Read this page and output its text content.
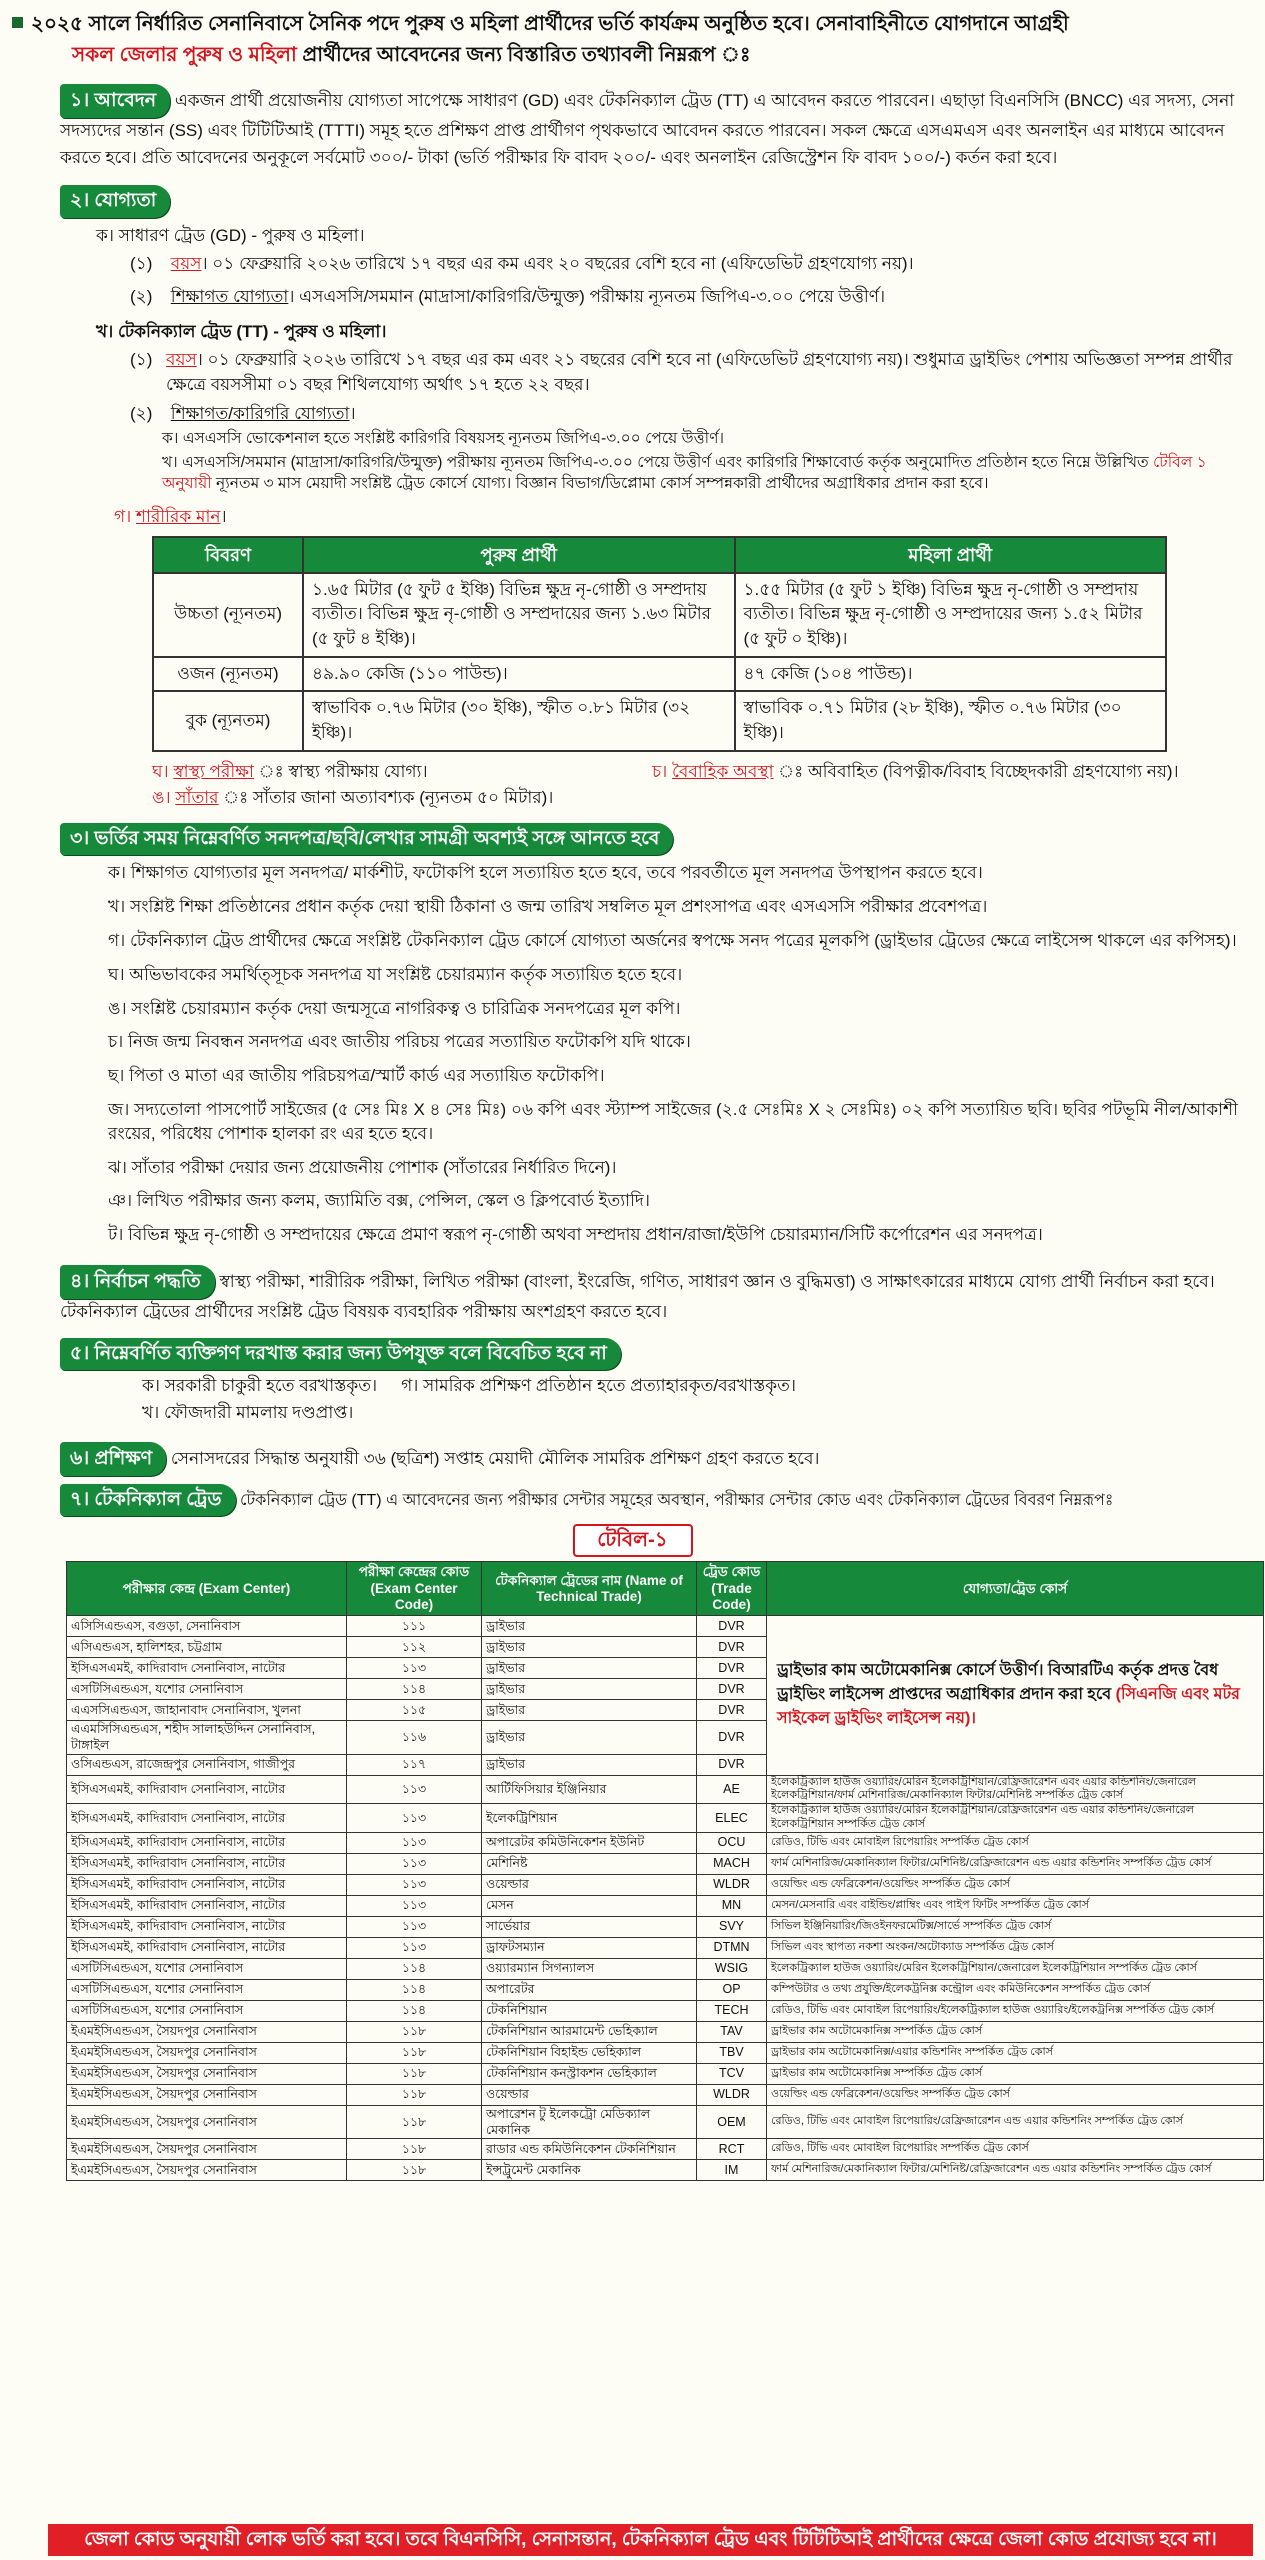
২০২৫ সালে নির্ধারিত সেনানিবাসে সৈনিক পদে পুরুষ ও মহিলা প্রার্থীদের ভর্তি কার্যক্রম অনুষ্ঠিত হবে। সেনাবাহিনীতে যোগদানে আগ্রহী
সকল জেলার পুরুষ ও মহিলা প্রার্থীদের আবেদনের জন্য বিস্তারিত তথ্যাবলী নিম্নরূপ ঃ
১। আবেদন একজন প্রার্থী প্রয়োজনীয় যোগ্যতা সাপেক্ষে সাধারণ (GD) এবং টেকনিক্যাল ট্রেড (TT) এ আবেদন করতে পারবেন। এছাড়া বিএনসিসি (BNCC) এর সদস্য, সেনা সদস্যদের সন্তান (SS) এবং টিটিটিআই (TTTI) সমূহ হতে প্রশিক্ষণ প্রাপ্ত প্রার্থীগণ পৃথকভাবে আবেদন করতে পারবেন। সকল ক্ষেত্রে এসএমএস এবং অনলাইন এর মাধ্যমে আবেদন করতে হবে। প্রতি আবেদনের অনুকূলে সর্বমোট ৩০০/- টাকা (ভর্তি পরীক্ষার ফি বাবদ ২০০/- এবং অনলাইন রেজিস্ট্রেশন ফি বাবদ ১০০/-) কর্তন করা হবে।
২। যোগ্যতা
ক। সাধারণ ট্রেড (GD) - পুরুষ ও মহিলা।
(১) বয়স। ০১ ফেব্রুয়ারি ২০২৬ তারিখে ১৭ বছর এর কম এবং ২০ বছরের বেশি হবে না (এফিডেভিট গ্রহণযোগ্য নয়)।
(২) শিক্ষাগত যোগ্যতা। এসএসসি/সমমান (মাদ্রাসা/কারিগরি/উন্মুক্ত) পরীক্ষায় ন্যূনতম জিপিএ-৩.০০ পেয়ে উত্তীর্ণ।
খ। টেকনিক্যাল ট্রেড (TT) - পুরুষ ও মহিলা।
(১) বয়স। ০১ ফেব্রুয়ারি ২০২৬ তারিখে ১৭ বছর এর কম এবং ২১ বছরের বেশি হবে না (এফিডেভিট গ্রহণযোগ্য নয়)। শুধুমাত্র ড্রাইভিং পেশায় অভিজ্ঞতা সম্পন্ন প্রার্থীর ক্ষেত্রে বয়সসীমা ০১ বছর শিথিলযোগ্য অর্থাৎ ১৭ হতে ২২ বছর।
(২) শিক্ষাগত/কারিগরি যোগ্যতা।
ক। এসএসসি ভোকেশনাল হতে সংশ্লিষ্ট কারিগরি বিষয়সহ ন্যূনতম জিপিএ-৩.০০ পেয়ে উত্তীর্ণ।
খ। এসএসসি/সমমান (মাদ্রাসা/কারিগরি/উন্মুক্ত) পরীক্ষায় ন্যূনতম জিপিএ-৩.০০ পেয়ে উত্তীর্ণ এবং কারিগরি শিক্ষাবোর্ড কর্তৃক অনুমোদিত প্রতিষ্ঠান হতে নিম্নে উল্লিখিত টেবিল ১ অনুযায়ী ন্যূনতম ৩ মাস মেয়াদী সংশ্লিষ্ট ট্রেড কোর্সে যোগ্য। বিজ্ঞান বিভাগ/ডিপ্লোমা কোর্স সম্পন্নকারী প্রার্থীদের অগ্রাধিকার প্রদান করা হবে।
গ। শারীরিক মান।
বিবরণ	পুরুষ প্রার্থী	মহিলা প্রার্থী
উচ্চতা (ন্যূনতম)	১.৬৫ মিটার (৫ ফুট ৫ ইঞ্চি) বিভিন্ন ক্ষুদ্র নৃ-গোষ্ঠী ও সম্প্রদায় ব্যতীত। বিভিন্ন ক্ষুদ্র নৃ-গোষ্ঠী ও সম্প্রদায়ের জন্য ১.৬৩ মিটার (৫ ফুট ৪ ইঞ্চি)।	১.৫৫ মিটার (৫ ফুট ১ ইঞ্চি) বিভিন্ন ক্ষুদ্র নৃ-গোষ্ঠী ও সম্প্রদায় ব্যতীত। বিভিন্ন ক্ষুদ্র নৃ-গোষ্ঠী ও সম্প্রদায়ের জন্য ১.৫২ মিটার (৫ ফুট ০ ইঞ্চি)।
ওজন (ন্যূনতম)	৪৯.৯০ কেজি (১১০ পাউন্ড)।	৪৭ কেজি (১০৪ পাউন্ড)।
বুক (ন্যূনতম)	স্বাভাবিক ০.৭৬ মিটার (৩০ ইঞ্চি), স্ফীত ০.৮১ মিটার (৩২ ইঞ্চি)।	স্বাভাবিক ০.৭১ মিটার (২৮ ইঞ্চি), স্ফীত ০.৭৬ মিটার (৩০ ইঞ্চি)।
ঘ। স্বাস্থ্য পরীক্ষা ঃ স্বাস্থ্য পরীক্ষায় যোগ্য।	চ। বৈবাহিক অবস্থা ঃ অবিবাহিত (বিপত্নীক/বিবাহ বিচ্ছেদকারী গ্রহণযোগ্য নয়)।
ঙ। সাঁতার ঃ সাঁতার জানা অত্যাবশ্যক (ন্যূনতম ৫০ মিটার)।
৩। ভর্তির সময় নিম্নেবর্ণিত সনদপত্র/ছবি/লেখার সামগ্রী অবশ্যই সঙ্গে আনতে হবে
ক। শিক্ষাগত যোগ্যতার মূল সনদপত্র/ মার্কশীট, ফটোকপি হলে সত্যায়িত হতে হবে, তবে পরবর্তীতে মূল সনদপত্র উপস্থাপন করতে হবে।
খ। সংশ্লিষ্ট শিক্ষা প্রতিষ্ঠানের প্রধান কর্তৃক দেয়া স্থায়ী ঠিকানা ও জন্ম তারিখ সম্বলিত মূল প্রশংসাপত্র এবং এসএসসি পরীক্ষার প্রবেশপত্র।
গ। টেকনিক্যাল ট্রেড প্রার্থীদের ক্ষেত্রে সংশ্লিষ্ট টেকনিক্যাল ট্রেড কোর্সে যোগ্যতা অর্জনের স্বপক্ষে সনদ পত্রের মূলকপি (ড্রাইভার ট্রেডের ক্ষেত্রে লাইসেন্স থাকলে এর কপিসহ)।
ঘ। অভিভাবকের সমর্থিত্সূচক সনদপত্র যা সংশ্লিষ্ট চেয়ারম্যান কর্তৃক সত্যায়িত হতে হবে।
ঙ। সংশ্লিষ্ট চেয়ারম্যান কর্তৃক দেয়া জন্মসূত্রে নাগরিকত্ব ও চারিত্রিক সনদপত্রের মূল কপি।
চ। নিজ জন্ম নিবন্ধন সনদপত্র এবং জাতীয় পরিচয় পত্রের সত্যায়িত ফটোকপি যদি থাকে।
ছ। পিতা ও মাতা এর জাতীয় পরিচয়পত্র/স্মার্ট কার্ড এর সত্যায়িত ফটোকপি।
জ। সদ্যতোলা পাসপোর্ট সাইজের (৫ সেঃ মিঃ X ৪ সেঃ মিঃ) ০৬ কপি এবং স্ট্যাম্প সাইজের (২.৫ সেঃমিঃ X ২ সেঃমিঃ) ০২ কপি সত্যায়িত ছবি। ছবির পটভূমি নীল/আকাশী রংয়ের, পরিধেয় পোশাক হালকা রং এর হতে হবে।
ঝ। সাঁতার পরীক্ষা দেয়ার জন্য প্রয়োজনীয় পোশাক (সাঁতারের নির্ধারিত দিনে)।
ঞ। লিখিত পরীক্ষার জন্য কলম, জ্যামিতি বক্স, পেন্সিল, স্কেল ও ক্লিপবোর্ড ইত্যাদি।
ট। বিভিন্ন ক্ষুদ্র নৃ-গোষ্ঠী ও সম্প্রদায়ের ক্ষেত্রে প্রমাণ স্বরূপ নৃ-গোষ্ঠী অথবা সম্প্রদায় প্রধান/রাজা/ইউপি চেয়ারম্যান/সিটি কর্পোরেশন এর সনদপত্র।
৪। নির্বাচন পদ্ধতি স্বাস্থ্য পরীক্ষা, শারীরিক পরীক্ষা, লিখিত পরীক্ষা (বাংলা, ইংরেজি, গণিত, সাধারণ জ্ঞান ও বুদ্ধিমত্তা) ও সাক্ষাৎকারের মাধ্যমে যোগ্য প্রার্থী নির্বাচন করা হবে। টেকনিক্যাল ট্রেডের প্রার্থীদের সংশ্লিষ্ট ট্রেড বিষয়ক ব্যবহারিক পরীক্ষায় অংশগ্রহণ করতে হবে।
৫। নিম্নেবর্ণিত ব্যক্তিগণ দরখাস্ত করার জন্য উপযুক্ত বলে বিবেচিত হবে না
ক। সরকারী চাকুরী হতে বরখাস্তকৃত। গ। সামরিক প্রশিক্ষণ প্রতিষ্ঠান হতে প্রত্যাহারকৃত/বরখাস্তকৃত।
খ। ফৌজদারী মামলায় দণ্ডপ্রাপ্ত।
৬। প্রশিক্ষণ সেনাসদরের সিদ্ধান্ত অনুযায়ী ৩৬ (ছত্রিশ) সপ্তাহ মেয়াদী মৌলিক সামরিক প্রশিক্ষণ গ্রহণ করতে হবে।
৭। টেকনিক্যাল ট্রেড টেকনিক্যাল ট্রেড (TT) এ আবেদনের জন্য পরীক্ষার সেন্টার সমূহের অবস্থান, পরীক্ষার সেন্টার কোড এবং টেকনিক্যাল ট্রেডের বিবরণ নিম্নরূপঃ
টেবিল-১
পরীক্ষার কেন্দ্র (Exam Center)	পরীক্ষা কেন্দ্রের কোড (Exam Center Code)	টেকনিক্যাল ট্রেডের নাম (Name of Technical Trade)	ট্রেড কোড (Trade Code)	যোগ্যতা/ট্রেড কোর্স
এসিসিএন্ডএস, বগুড়া, সেনানিবাস	১১১	ড্রাইভার	DVR	ড্রাইভার কাম অটোমেকানিক্স কোর্সে উত্তীর্ণ। বিআরটিএ কর্তৃক প্রদত্ত বৈধ ড্রাইভিং লাইসেন্স প্রাপ্তদের অগ্রাধিকার প্রদান করা হবে (সিএনজি এবং মটর সাইকেল ড্রাইভিং লাইসেন্স নয়)।
এসিএন্ডএস, হালিশহর, চট্টগ্রাম	১১২	ড্রাইভার	DVR	
ইসিএসএমই, কাদিরাবাদ সেনানিবাস, নাটোর	১১৩	ড্রাইভার	DVR	
এসটিসিএন্ডএস, যশোর সেনানিবাস	১১৪	ড্রাইভার	DVR	
এএসসিএন্ডএস, জাহানাবাদ সেনানিবাস, খুলনা	১১৫	ড্রাইভার	DVR	
এএমসিসিএন্ডএস, শহীদ সালাহউদ্দিন সেনানিবাস, টাঙ্গাইল	১১৬	ড্রাইভার	DVR	
ওসিএন্ডএস, রাজেন্দ্রপুর সেনানিবাস, গাজীপুর	১১৭	ড্রাইভার	DVR	
ইসিএসএমই, কাদিরাবাদ সেনানিবাস, নাটোর	১১৩	আর্টিফিসিয়ার ইঞ্জিনিয়ার	AE	ইলেকট্রিক্যাল হাউজ ওয়্যারিং/মেরিন ইলেকট্রিশিয়ান/রেফ্রিজারেশন এবং এয়ার কন্ডিশনিং/জেনারেল ইলেকট্রিশিয়ান/ফার্ম মেশিনারিজ/মেকানিক্যাল ফিটার/মেশিনিষ্ট সম্পর্কিত ট্রেড কোর্স
ইসিএসএমই, কাদিরাবাদ সেনানিবাস, নাটোর	১১৩	ইলেকট্রিশিয়ান	ELEC	ইলেকট্রিক্যাল হাউজ ওয়্যারিং/মেরিন ইলেকট্রিশিয়ান/রেফ্রিজারেশন এন্ড এয়ার কন্ডিশনিং/জেনারেল ইলেকট্রিশিয়ান সম্পর্কিত ট্রেড কোর্স
ইসিএসএমই, কাদিরাবাদ সেনানিবাস, নাটোর	১১৩	অপারেটর কমিউনিকেশন ইউনিট	OCU	রেডিও, টিভি এবং মোবাইল রিপেয়ারিং সম্পর্কিত ট্রেড কোর্স
ইসিএসএমই, কাদিরাবাদ সেনানিবাস, নাটোর	১১৩	মেশিনিষ্ট	MACH	ফার্ম মেশিনারিজ/মেকানিক্যাল ফিটার/মেশিনিষ্ট/রেফ্রিজারেশন এন্ড এয়ার কন্ডিশনিং সম্পর্কিত ট্রেড কোর্স
ইসিএসএমই, কাদিরাবাদ সেনানিবাস, নাটোর	১১৩	ওয়েল্ডার	WLDR	ওয়েল্ডিং এন্ড ফেব্রিকেশন/ওয়েল্ডিং সম্পর্কিত ট্রেড কোর্স
ইসিএসএমই, কাদিরাবাদ সেনানিবাস, নাটোর	১১৩	মেসন	MN	মেসন/মেসনারি এবং বাইন্ডিং/প্লাম্বিং এবং পাইপ ফিটিং সম্পর্কিত ট্রেড কোর্স
ইসিএসএমই, কাদিরাবাদ সেনানিবাস, নাটোর	১১৩	সার্ভেয়ার	SVY	সিভিল ইঞ্জিনিয়ারিং/জিওইনফরমেটিক্স/সার্ভে সম্পর্কিত ট্রেড কোর্স
ইসিএসএমই, কাদিরাবাদ সেনানিবাস, নাটোর	১১৩	ড্রাফটসম্যান	DTMN	সিভিল এবং স্থাপত্য নকশা অংকন/অটোক্যাড সম্পর্কিত ট্রেড কোর্স
এসটিসিএন্ডএস, যশোর সেনানিবাস	১১৪	ওয়্যারম্যান সিগন্যালস	WSIG	ইলেকট্রিক্যাল হাউজ ওয়্যারিং/মেরিন ইলেকট্রিশিয়ান/জেনারেল ইলেকট্রিশিয়ান সম্পর্কিত ট্রেড কোর্স
এসটিসিএন্ডএস, যশোর সেনানিবাস	১১৪	অপারেটর	OP	কম্পিউটার ও তথ্য প্রযুক্তি/ইলেকট্রনিক্স কন্ট্রোল এবং কমিউনিকেশন সম্পর্কিত ট্রেড কোর্স
এসটিসিএন্ডএস, যশোর সেনানিবাস	১১৪	টেকনিশিয়ান	TECH	রেডিও, টিভি এবং মোবাইল রিপেয়ারিং/ইলেকট্রিক্যাল হাউজ ওয়্যারিং/ইলেকট্রনিক্স সম্পর্কিত ট্রেড কোর্স
ইএমইসিএন্ডএস, সৈয়দপুর সেনানিবাস	১১৮	টেকনিশিয়ান আরমামেন্ট ভেহিক্যাল	TAV	ড্রাইভার কাম অটোমেকানিক্স সম্পর্কিত ট্রেড কোর্স
ইএমইসিএন্ডএস, সৈয়দপুর সেনানিবাস	১১৮	টেকনিশিয়ান বিহাইন্ড ভেহিক্যাল	TBV	ড্রাইভার কাম অটোমেকানিক্স/এয়ার কন্ডিশনিং সম্পর্কিত ট্রেড কোর্স
ইএমইসিএন্ডএস, সৈয়দপুর সেনানিবাস	১১৮	টেকনিশিয়ান কনস্ট্রাকশন ভেহিক্যাল	TCV	ড্রাইভার কাম অটোমেকানিক্স সম্পর্কিত ট্রেড কোর্স
ইএমইসিএন্ডএস, সৈয়দপুর সেনানিবাস	১১৮	ওয়েল্ডার	WLDR	ওয়েল্ডিং এন্ড ফেব্রিকেশন/ওয়েল্ডিং সম্পর্কিত ট্রেড কোর্স
ইএমইসিএন্ডএস, সৈয়দপুর সেনানিবাস	১১৮	অপারেশন টু ইলেকট্রো মেডিক্যাল মেকানিক	OEM	রেডিও, টিভি এবং মোবাইল রিপেয়ারিং/রেফ্রিজারেশন এন্ড এয়ার কন্ডিশনিং সম্পর্কিত ট্রেড কোর্স
ইএমইসিএন্ডএস, সৈয়দপুর সেনানিবাস	১১৮	রাডার এন্ড কমিউনিকেশন টেকনিশিয়ান	RCT	রেডিও, টিভি এবং মোবাইল রিপেয়ারিং সম্পর্কিত ট্রেড কোর্স
ইএমইসিএন্ডএস, সৈয়দপুর সেনানিবাস	১১৮	ইন্সট্রুমেন্ট মেকানিক	IM	ফার্ম মেশিনারিজ/মেকানিক্যাল ফিটার/মেশিনিষ্ট/রেফ্রিজারেশন এন্ড এয়ার কন্ডিশনিং সম্পর্কিত ট্রেড কোর্স
জেলা কোড অনুযায়ী লোক ভর্তি করা হবে। তবে বিএনসিসি, সেনাসন্তান, টেকনিক্যাল ট্রেড এবং টিটিটিআই প্রার্থীদের ক্ষেত্রে জেলা কোড প্রযোজ্য হবে না।
